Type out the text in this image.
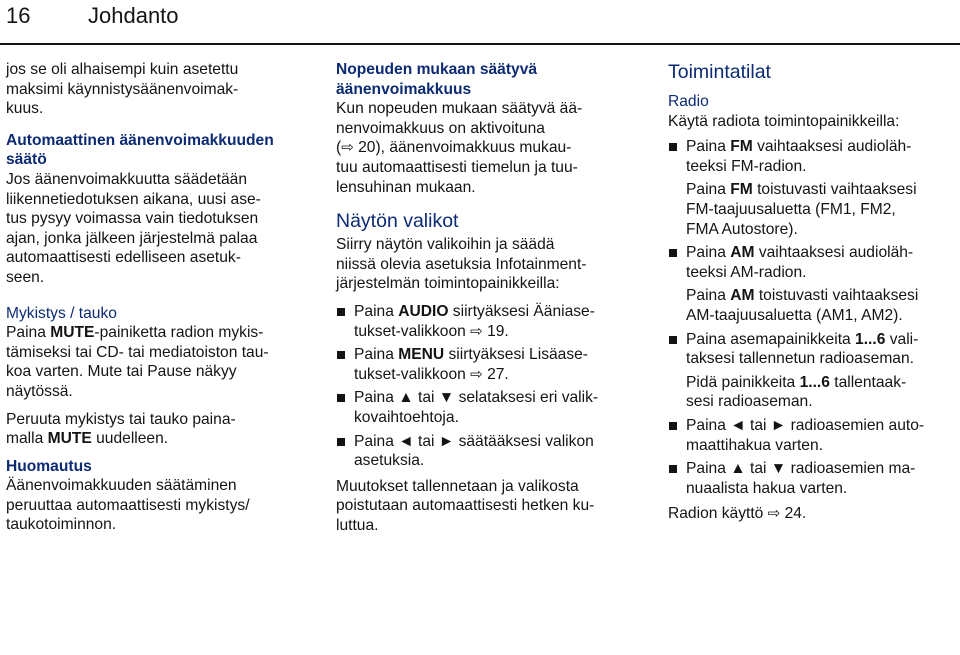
16	Johdanto
jos se oli alhaisempi kuin asetettu
maksimi käynnistysäänenvoimak-
kuus.
Automaattinen äänenvoimakkuuden
säätö
Jos äänenvoimakkuutta säädetään
liikennetiedotuksen aikana, uusi ase-
tus pysyy voimassa vain tiedotuksen
ajan, jonka jälkeen järjestelmä palaa
automaattisesti edelliseen asetuk-
seen.
Mykistys / tauko
Paina MUTE-painiketta radion mykis-
tämiseksi tai CD- tai mediatoiston tau-
koa varten. Mute tai Pause näkyy
näytössä.
Peruuta mykistys tai tauko paina-
malla MUTE uudelleen.
Huomautus
Äänenvoimakkuuden säätäminen
peruuttaa automaattisesti mykistys/
taukotoiminnon.
Nopeuden mukaan säätyvä
äänenvoimakkuus
Kun nopeuden mukaan säätyvä ää-
nenvoimakkuus on aktivoituna
(⇨ 20), äänenvoimakkuus mukau-
tuu automaattisesti tiemelun ja tuu-
lensuhinan mukaan.
Näytön valikot
Siirry näytön valikoihin ja säädä
niissä olevia asetuksia Infotainment-
järjestelmän toimintopainikkeilla:
Paina AUDIO siirtyäksesi Ääniase-
tukset-valikkoon ⇨ 19.
Paina MENU siirtyäksesi Lisäase-
tukset-valikkoon ⇨ 27.
Paina ▲ tai ▼ selataksesi eri valik-
kovaihtoehtoja.
Paina ◄ tai ► säätääksesi valikon
asetuksia.
Muutokset tallennetaan ja valikosta
poistutaan automaattisesti hetken ku-
luttua.
Toimintatilat
Radio
Käytä radiota toimintopainikkeilla:
Paina FM vaihtaaksesi audioläh-
teeksi FM-radion.
Paina FM toistuvasti vaihtaaksesi
FM-taajuusaluetta (FM1, FM2,
FMA Autostore).
Paina AM vaihtaaksesi audioläh-
teeksi AM-radion.
Paina AM toistuvasti vaihtaaksesi
AM-taajuusaluetta (AM1, AM2).
Paina asemapainikkeita 1...6 vali-
taksesi tallennetun radioaseman.
Pidä painikkeita 1...6 tallentaak-
sesi radioaseman.
Paina ◄ tai ► radioasemien auto-
maattihakua varten.
Paina ▲ tai ▼ radioasemien ma-
nuaalista hakua varten.
Radion käyttö ⇨ 24.
